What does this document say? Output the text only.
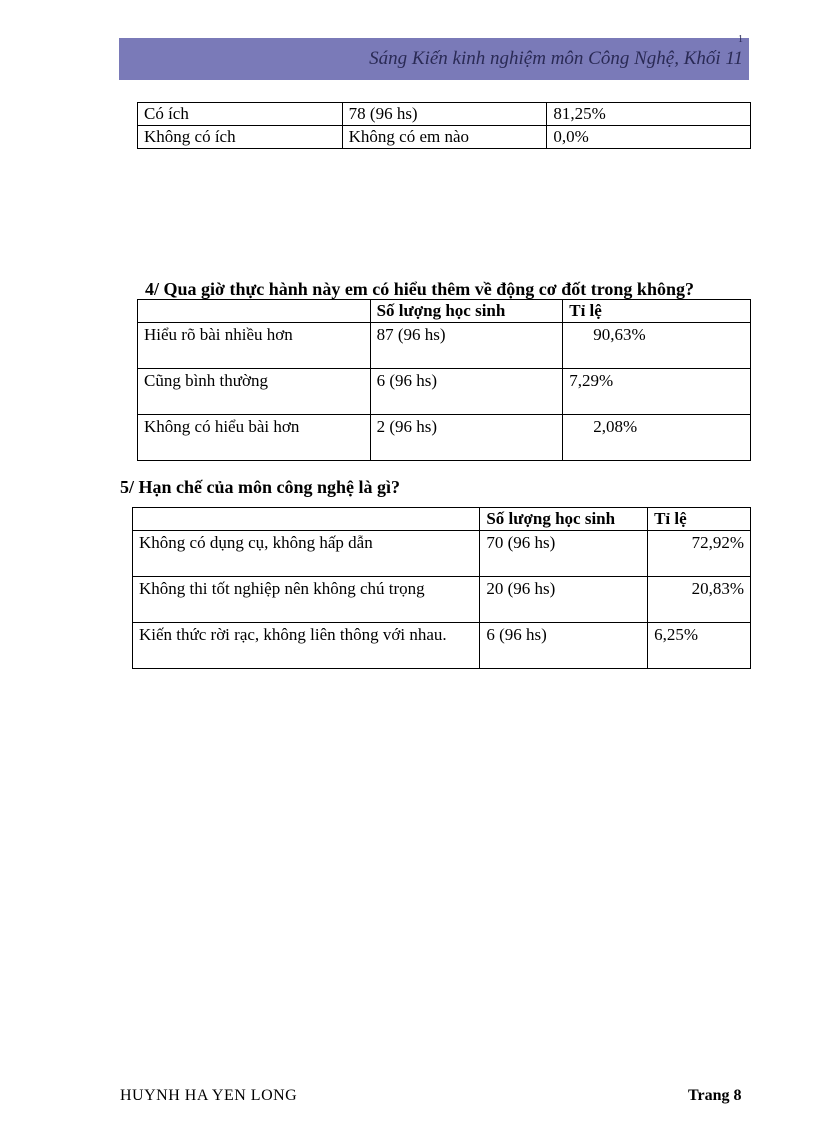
1
Sáng Kiến kinh nghiệm môn Công Nghệ, Khối 11
Có ích	78 (96 hs)	81,25%
Không có ích	Không có em nào	0,0%
4/ Qua giờ thực hành này em có hiểu thêm về động cơ đốt trong không?
	Số lượng học sinh	Tỉ lệ
Hiểu rõ bài nhiều hơn	87 (96 hs)	90,63%
Cũng bình thường	6 (96 hs)	7,29%
Không có hiểu bài hơn	2 (96 hs)	2,08%
5/ Hạn chế của môn công nghệ là gì?
	Số lượng học sinh	Tỉ lệ
Không có dụng cụ, không hấp dẫn	70 (96 hs)	72,92%
Không thi tốt nghiệp nên không chú trọng	20 (96 hs)	20,83%
Kiến thức rời rạc, không liên thông với nhau.	6 (96 hs)	6,25%
HUYNH HA YEN LONG	Trang 8
